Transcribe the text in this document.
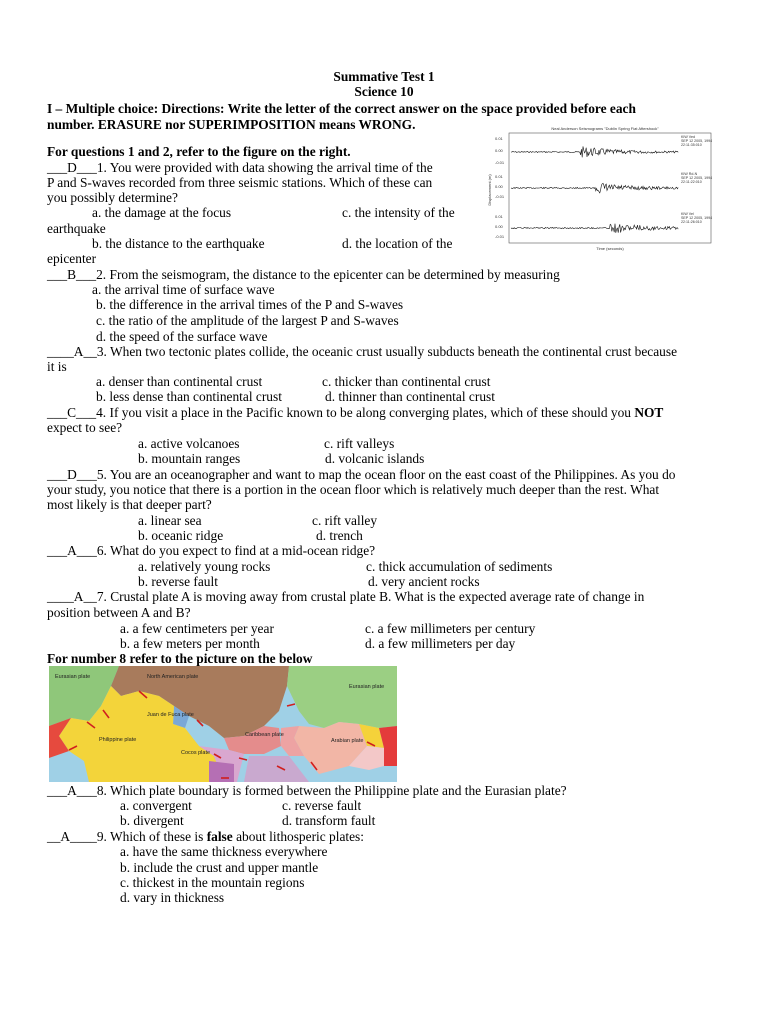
Summative Test 1
Science 10
I – Multiple choice: Directions: Write the letter of the correct answer on the space provided before each
number. ERASURE nor SUPERIMPOSITION means WRONG.
For questions 1 and 2, refer to the figure on the right.
Neal Anderson Seismograms "Dublin Spring Fiat Aftershock"
Displacement (m)
Time (seconds)
0.01
0.00
-0.01
0.01
0.00
-0.01
0.01
0.00
-0.01
KIW Ved
SEP 12 2005, 1994
22:11:35:010
KIW Rd-N
SEP 12 2005, 1994
22:11:22:010
KIW Vel
SEP 12 2005, 1994
22:11:26:010
___D___1. You were provided with data showing the arrival time of the
P and S-waves recorded from three seismic stations. Which of these can
you possibly determine?
a. the damage at the focus	c. the intensity of the
earthquake
b. the distance to the earthquake	d. the location of the
epicenter
___B___2. From the seismogram, the distance to the epicenter can be determined by measuring
a. the arrival time of surface wave
b. the difference in the arrival times of the P and S-waves
c. the ratio of the amplitude of the largest P and S-waves
d. the speed of the surface wave
____A__3. When two tectonic plates collide, the oceanic crust usually subducts beneath the continental crust because
it is
a. denser than continental crust	c. thicker than continental crust
b. less dense than continental crust	d. thinner than continental crust
___C___4. If you visit a place in the Pacific known to be along converging plates, which of these should you NOT
expect to see?
a. active volcanoes	c. rift valleys
b. mountain ranges	d. volcanic islands
___D___5. You are an oceanographer and want to map the ocean floor on the east coast of the Philippines. As you do
your study, you notice that there is a portion in the ocean floor which is relatively much deeper than the rest. What
most likely is that deeper part?
a. linear sea	c. rift valley
b. oceanic ridge	d. trench
___A___6. What do you expect to find at a mid-ocean ridge?
a. relatively young rocks	c. thick accumulation of sediments
b. reverse fault	d. very ancient rocks
____A__7. Crustal plate A is moving away from crustal plate B. What is the expected average rate of change in
position between A and B?
a. a few centimeters per year	c. a few millimeters per century
b. a few meters per month	d. a few millimeters per day
For number 8 refer to the picture on the below
Eurasian plate	North American plate
Eurasian plate
Juan de Fuca plate
Philippine plate
Caribbean plate
Arabian plate
Cocos plate
___A___8. Which plate boundary is formed between the Philippine plate and the Eurasian plate?
a. convergent	c. reverse fault
b. divergent	d. transform fault
__A____9. Which of these is false about lithosperic plates:
a. have the same thickness everywhere
b. include the crust and upper mantle
c. thickest in the mountain regions
d. vary in thickness
